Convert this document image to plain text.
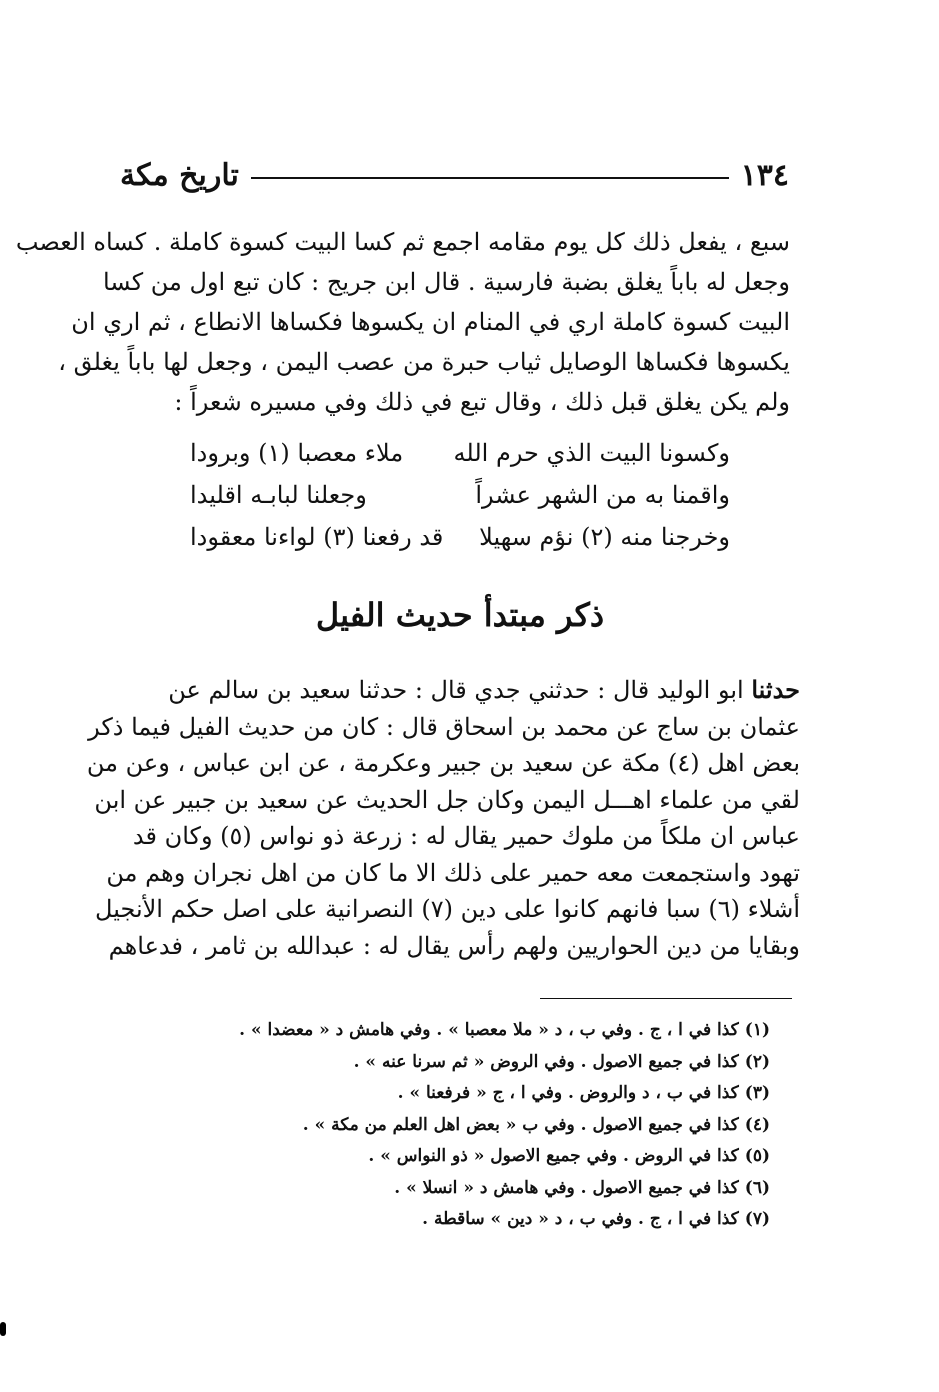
١٣٤
تاريخ مكة
سبع ، يفعل ذلك كل يوم مقامه اجمع ثم كسا البيت كسوة كاملة . كساه العصب
وجعل له باباً يغلق بضبة فارسية . قال ابن جريج : كان تبع اول من كسا
البيت كسوة كاملة اري في المنام ان يكسوها فكساها الانطاع ، ثم اري ان
يكسوها فكساها الوصايل ثياب حبرة من عصب اليمن ، وجعل لها باباً يغلق ،
ولم يكن يغلق قبل ذلك ، وقال تبع في ذلك وفي مسيره شعراً :
وكسونا البيت الذي حرم الله
ملاء معصبا (١) وبرودا
واقمنا به من الشهر عشراً
وجعلنا لبابـه اقليدا
وخرجنا منه (٢) نؤم سهيلا
قد رفعنا (٣) لواءنا معقودا
ذكر مبتدأ حديث الفيل
حدثنا ابو الوليد قال : حدثني جدي قال : حدثنا سعيد بن سالم عن
عثمان بن ساج عن محمد بن اسحاق قال : كان من حديث الفيل فيما ذكر
بعض اهل (٤) مكة عن سعيد بن جبير وعكرمة ، عن ابن عباس ، وعن من
لقي من علماء اهـــل اليمن وكان جل الحديث عن سعيد بن جبير عن ابن
عباس ان ملكاً من ملوك حمير يقال له : زرعة ذو نواس (٥) وكان قد
تهود واستجمعت معه حمير على ذلك الا ما كان من اهل نجران وهم من
أشلاء (٦) سبا فانهم كانوا على دين (٧) النصرانية على اصل حكم الأنجيل
وبقايا من دين الحواريين ولهم رأس يقال له : عبدالله بن ثامر ، فدعاهم
(١)كذا في ا ، ج . وفي ب ، د « ملا معصبا » . وفي هامش د « معضدا » .
(٢)كذا في جميع الاصول . وفي الروض « ثم سرنا عنه » .
(٣)كذا في ب ، د والروض . وفي ا ، ج « فرفعنا » .
(٤)كذا في جميع الاصول . وفي ب « بعض اهل العلم من مكة » .
(٥)كذا في الروض . وفي جميع الاصول « ذو النواس » .
(٦)كذا في جميع الاصول . وفي هامش د « انسلا » .
(٧)كذا في ا ، ج . وفي ب ، د « دين » ساقطة .
